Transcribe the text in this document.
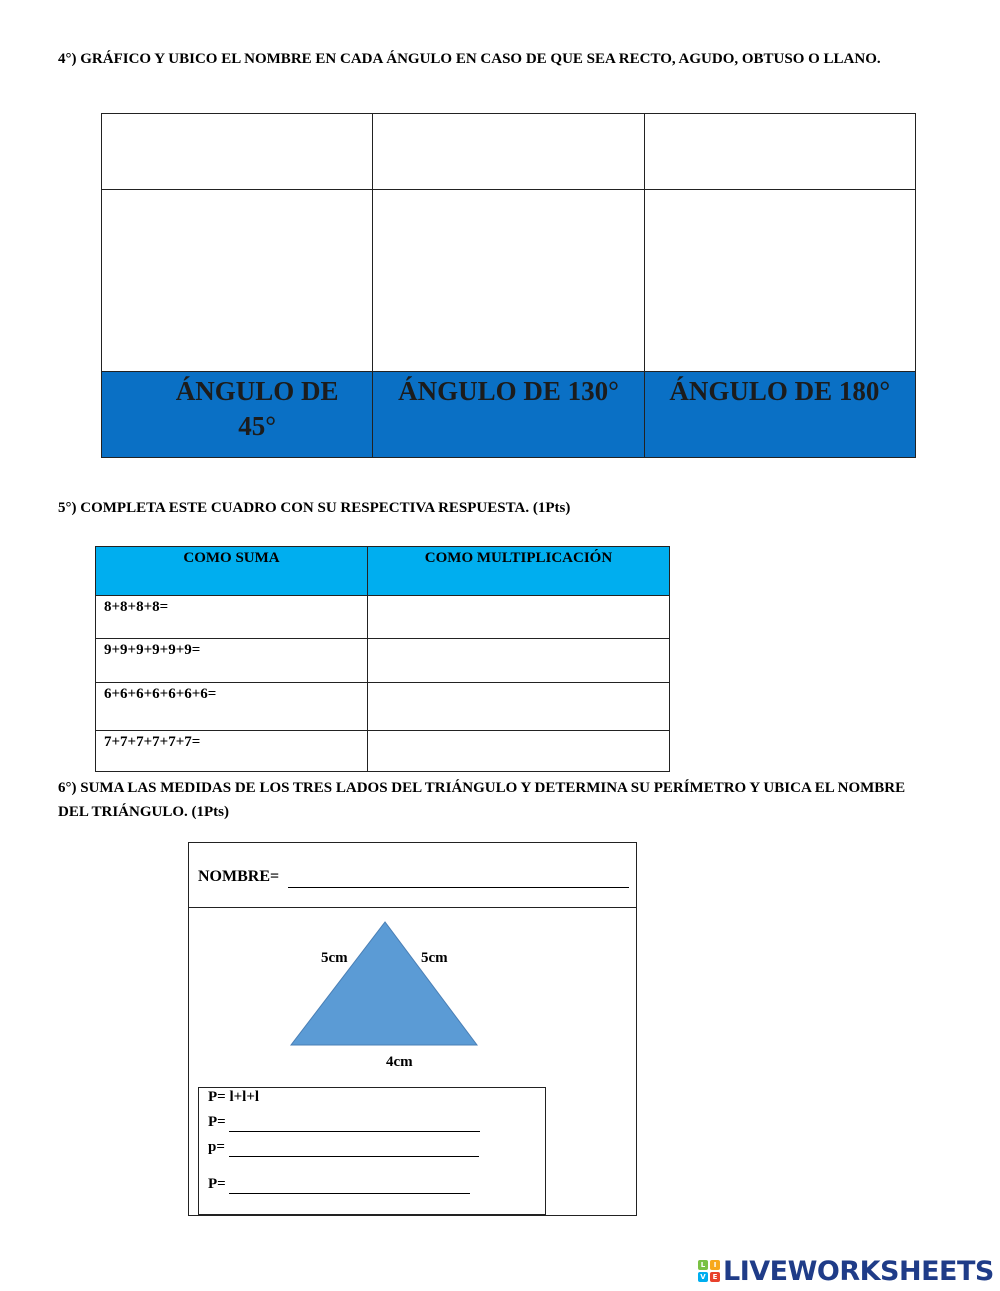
4°) GRÁFICO Y UBICO EL NOMBRE EN CADA ÁNGULO EN CASO DE QUE SEA RECTO, AGUDO, OBTUSO O LLANO.

ÁNGULO DE 45°	ÁNGULO DE 130°	ÁNGULO DE 180°
5°) COMPLETA ESTE CUADRO CON SU RESPECTIVA RESPUESTA. (1Pts)
COMO SUMA	COMO MULTIPLICACIÓN
8+8+8+8=	
9+9+9+9+9+9=	
6+6+6+6+6+6+6=	
7+7+7+7+7+7=	
6°) SUMA LAS MEDIDAS DE LOS TRES LADOS DEL TRIÁNGULO Y DETERMINA SU PERÍMETRO Y UBICA EL NOMBRE DEL TRIÁNGULO. (1Pts)
NOMBRE=
5cm	5cm
4cm
P= l+l+l
P=
p=
P=
L	I
V E LIVEWORKSHEETS
